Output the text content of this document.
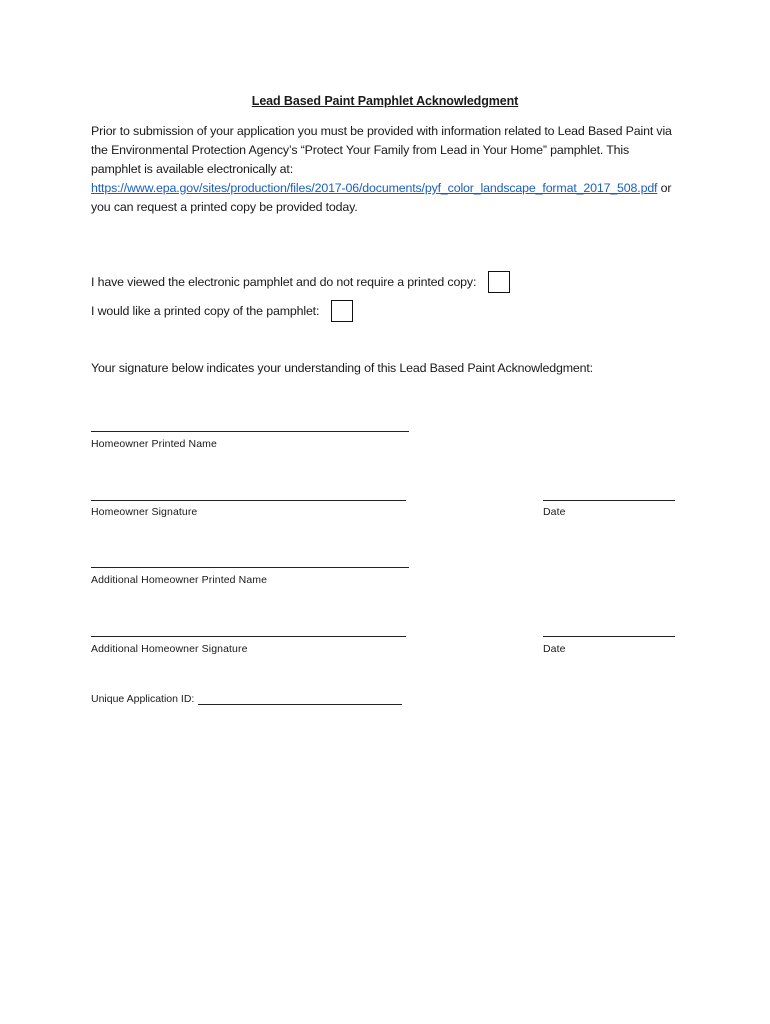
Lead Based Paint Pamphlet Acknowledgment
Prior to submission of your application you must be provided with information related to Lead Based Paint via the Environmental Protection Agency’s “Protect Your Family from Lead in Your Home” pamphlet. This pamphlet is available electronically at:
https://www.epa.gov/sites/production/files/2017-06/documents/pyf_color_landscape_format_2017_508.pdf or you can request a printed copy be provided today.
I have viewed the electronic pamphlet and do not require a printed copy:
I would like a printed copy of the pamphlet:
Your signature below indicates your understanding of this Lead Based Paint Acknowledgment:
Homeowner Printed Name
Homeowner Signature	Date
Additional Homeowner Printed Name
Additional Homeowner Signature	Date
Unique Application ID:
